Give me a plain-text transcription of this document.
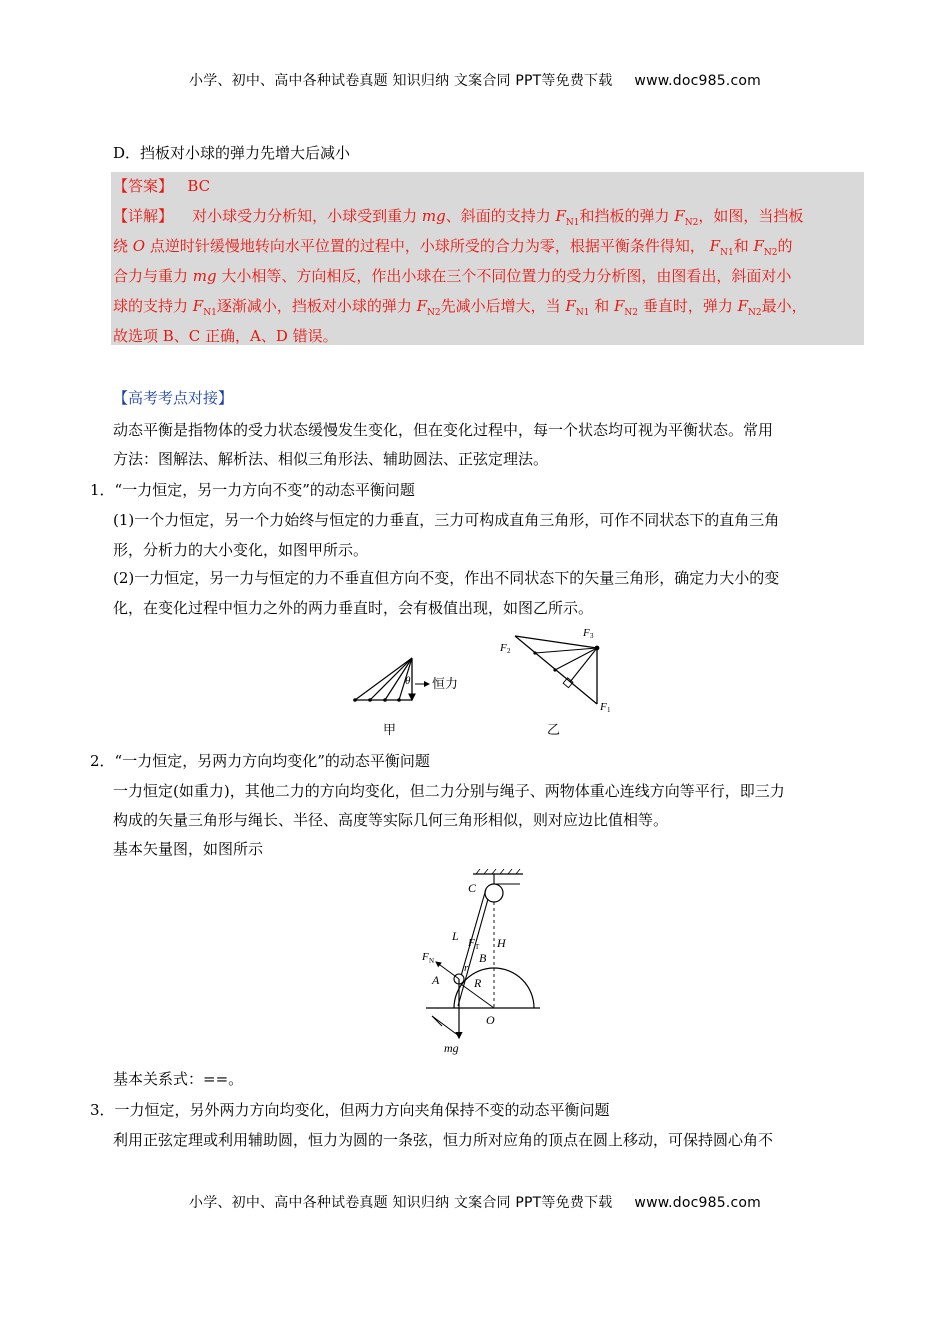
小学、初中、高中各种试卷真题 知识归纳 文案合同 PPT等免费下载 www.doc985.com
D．挡板对小球的弹力先增大后减小
【答案】 BC
【详解】 对小球受力分析知，小球受到重力 mg、斜面的支持力 $F_{N1}$和挡板的弹力 $F_{N2}$，如图，当挡板
绕 O 点逆时针缓慢地转向水平位置的过程中，小球所受的合力为零，根据平衡条件得知， $F_{N1}$和 $F_{N2}$的
合力与重力 mg 大小相等、方向相反，作出小球在三个不同位置力的受力分析图，由图看出，斜面对小
球的支持力 $F_{N1}$逐渐减小，挡板对小球的弹力 $F_{N2}$先减小后增大，当 $F_{N1}$ 和 $F_{N2}$ 垂直时，弹力 $F_{N2}$最小，
故选项 B、C 正确，A、D 错误。
【高考考点对接】
动态平衡是指物体的受力状态缓慢发生变化，但在变化过程中，每一个状态均可视为平衡状态。常用
方法：图解法、解析法、相似三角形法、辅助圆法、正弦定理法。
1．“一力恒定，另一力方向不变”的动态平衡问题
(1)一个力恒定，另一个力始终与恒定的力垂直，三力可构成直角三角形，可作不同状态下的直角三角
形，分析力的大小变化，如图甲所示。
(2)一力恒定，另一力与恒定的力不垂直但方向不变，作出不同状态下的矢量三角形，确定力大小的变
化，在变化过程中恒力之外的两力垂直时，会有极值出现，如图乙所示。
θ 恒力
甲
F 3
F 2
F 1
乙
2．“一力恒定，另两力方向均变化”的动态平衡问题
一力恒定(如重力)，其他二力的方向均变化，但二力分别与绳子、两物体重心连线方向等平行，即三力
构成的矢量三角形与绳长、半径、高度等实际几何三角形相似，则对应边比值相等。
基本矢量图，如图所示
C
L F T H
F N	B
r
A	R
O
mg
基本关系式：==。
3．一力恒定，另外两力方向均变化，但两力方向夹角保持不变的动态平衡问题
利用正弦定理或利用辅助圆，恒力为圆的一条弦，恒力所对应角的顶点在圆上移动，可保持圆心角不
小学、初中、高中各种试卷真题 知识归纳 文案合同 PPT等免费下载 www.doc985.com
